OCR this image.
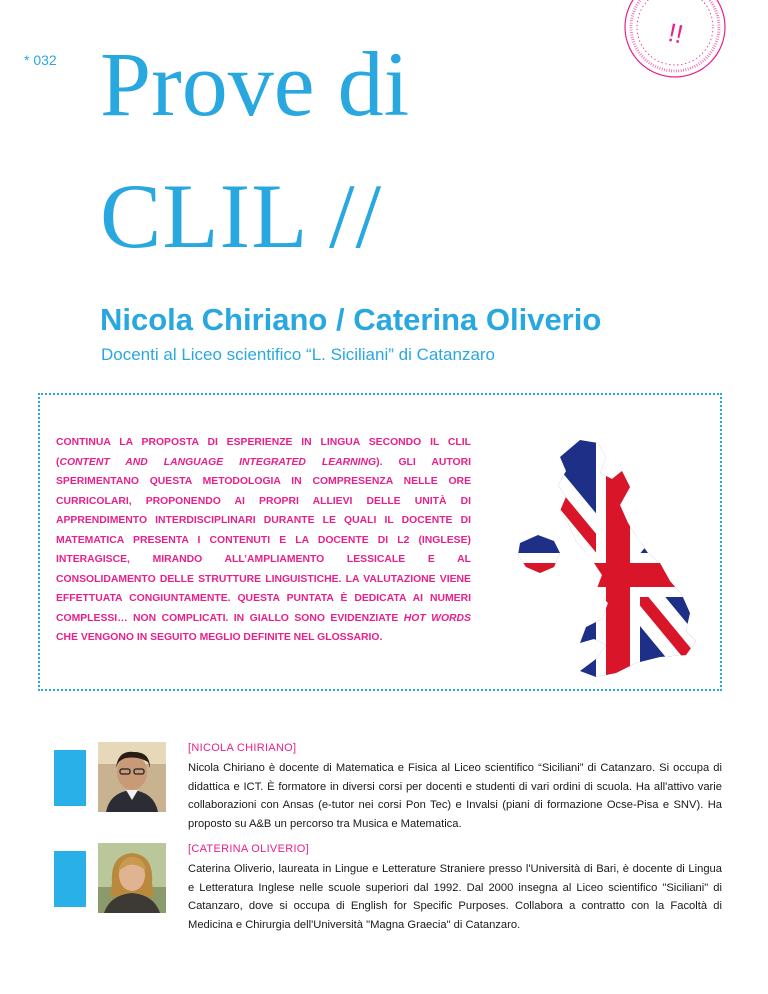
* 032 Prove di
CLIL //
!!
Nicola Chiriano / Caterina Oliverio

Docenti al Liceo scientifico “L. Siciliani” di Catanzaro

CONTINUA LA PROPOSTA DI ESPERIENZE IN LINGUA SECONDO IL CLIL (CONTENT AND LANGUAGE INTEGRATED LEARNING). GLI AUTORI SPERIMENTANO QUESTA METODOLOGIA IN COMPRESENZA NELLE ORE CURRICOLARI, PROPONENDO AI PROPRI ALLIEVI DELLE UNITÀ DI APPRENDIMENTO INTERDISCIPLINARI DURANTE LE QUALI IL DOCENTE DI MATEMATICA PRESENTA I CONTENUTI E LA DOCENTE DI L2 (INGLESE) INTERAGISCE, MIRANDO ALL’AMPLIAMENTO LESSICALE E AL CONSOLIDAMENTO DELLE STRUTTURE LINGUISTICHE. LA VALUTAZIONE VIENE EFFETTUATA CONGIUNTAMENTE. QUESTA PUNTATA È DEDICATA AI NUMERI COMPLESSI… NON COMPLICATI. IN GIALLO SONO EVIDENZIATE HOT WORDS CHE VENGONO IN SEGUITO MEGLIO DEFINITE NEL GLOSSARIO.

[NICOLA CHIRIANO]

Nicola Chiriano è docente di Matematica e Fisica al Liceo scientifico “Siciliani” di Catanzaro. Si occupa di didattica e ICT. È formatore in diversi corsi per docenti e studenti di vari ordini di scuola. Ha all'attivo varie collaborazioni con Ansas (e-tutor nei corsi Pon Tec) e Invalsi (piani di formazione Ocse-Pisa e SNV). Ha proposto su A&B un percorso tra Musica e Matematica.

[CATERINA OLIVERIO]

Caterina Oliverio, laureata in Lingue e Letterature Straniere presso l'Università di Bari, è docente di Lingua e Letteratura Inglese nelle scuole superiori dal 1992. Dal 2000 insegna al Liceo scientifico "Siciliani" di Catanzaro, dove si occupa di English for Specific Purposes. Collabora a contratto con la Facoltà di Medicina e Chirurgia dell'Università "Magna Graecia" di Catanzaro.
